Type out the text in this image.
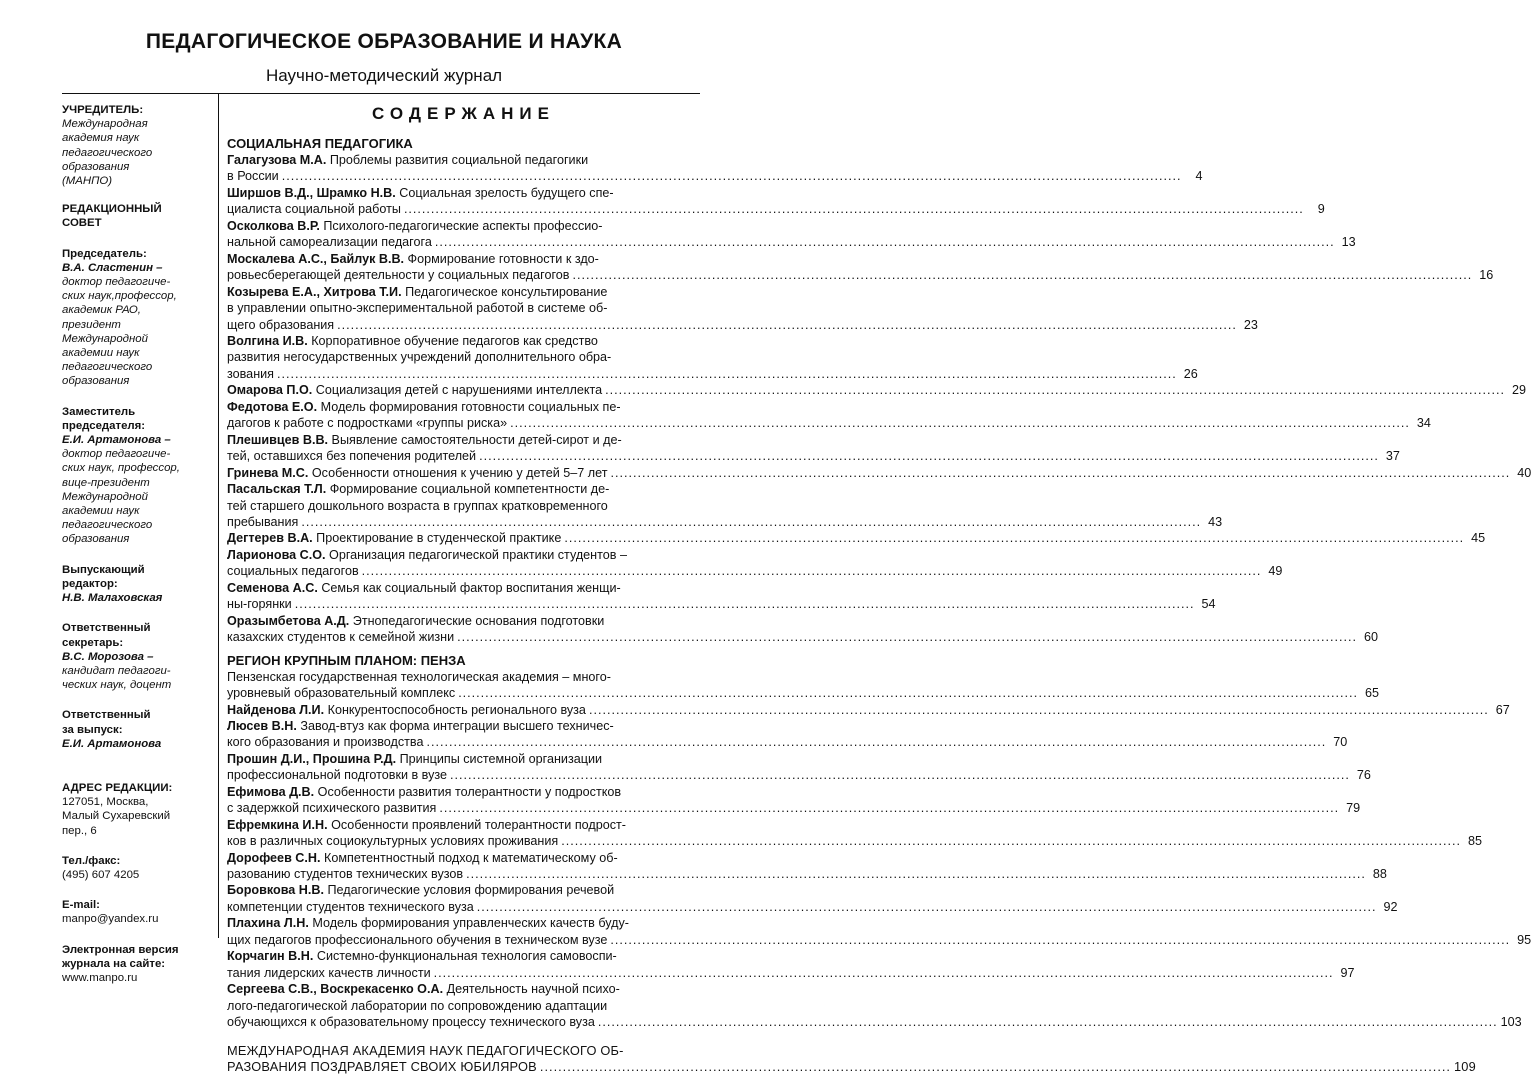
ПЕДАГОГИЧЕСКОЕ ОБРАЗОВАНИЕ И НАУКА
Научно-методический журнал
УЧРЕДИТЕЛЬ:
Международная
академия наук
педагогического
образования
(МАНПО)
РЕДАКЦИОННЫЙ
СОВЕТ
Председатель:
В.А. Сластенин –
доктор педагогиче-
ских наук,профессор,
академик РАО,
президент
Международной
академии наук
педагогического
образования
Заместитель
председателя:
Е.И. Артамонова –
доктор педагогиче-
ских наук, профессор,
вице-президент
Международной
академии наук
педагогического
образования
Выпускающий
редактор:
Н.В. Малаховская
Ответственный
секретарь:
В.С. Морозова –
кандидат педагоги-
ческих наук, доцент
Ответственный
за выпуск:
Е.И. Артамонова
АДРЕС РЕДАКЦИИ:
127051, Москва,
Малый Сухаревский
пер., 6
Тел./факс:
(495) 607 4205
E-mail:
manpo@yandex.ru
Электронная версия
журнала на сайте:
www.manpo.ru
СОДЕРЖАНИЕ
СОЦИАЛЬНАЯ ПЕДАГОГИКА
Галагузова М.А. Проблемы развития социальной педагогики
в России ........................................................................................................................................................................................................	4
Ширшов В.Д., Шрамко Н.В. Социальная зрелость будущего спе-
циалиста социальной работы ........................................................................................................................................................................................................	9
Осколкова В.Р. Психолого-педагогические аспекты профессио-
нальной самореализации педагога ........................................................................................................................................................................................................ 13
Москалева А.С., Байлук В.В. Формирование готовности к здо-
ровьесберегающей деятельности у социальных педагогов ........................................................................................................................................................................................................ 16
Козырева Е.А., Хитрова Т.И. Педагогическое консультирование
в управлении опытно-экспериментальной работой в системе об-
щего образования ........................................................................................................................................................................................................ 23
Волгина И.В. Корпоративное обучение педагогов как средство
развития негосударственных учреждений дополнительного обра-
зования ........................................................................................................................................................................................................ 26
Омарова П.О. Социализация детей с нарушениями интеллекта ........................................................................................................................................................................................................ 29
Федотова Е.О. Модель формирования готовности социальных пе-
дагогов к работе с подростками «группы риска» ........................................................................................................................................................................................................ 34
Плешивцев В.В. Выявление самостоятельности детей-сирот и де-
тей, оставшихся без попечения родителей ........................................................................................................................................................................................................ 37
Гринева М.С. Особенности отношения к учению у детей 5–7 лет ........................................................................................................................................................................................................ 40
Пасальская Т.Л. Формирование социальной компетентности де-
тей старшего дошкольного возраста в группах кратковременного
пребывания ........................................................................................................................................................................................................ 43
Дегтерев В.А. Проектирование в студенческой практике ........................................................................................................................................................................................................ 45
Ларионова С.О. Организация педагогической практики студентов –
социальных педагогов ........................................................................................................................................................................................................ 49
Семенова А.С. Семья как социальный фактор воспитания женщи-
ны-горянки ........................................................................................................................................................................................................ 54
Оразымбетова А.Д. Этнопедагогические основания подготовки
казахских студентов к семейной жизни ........................................................................................................................................................................................................ 60
РЕГИОН КРУПНЫМ ПЛАНОМ: ПЕНЗА
Пензенская государственная технологическая академия – много-
уровневый образовательный комплекс ........................................................................................................................................................................................................ 65
Найденова Л.И. Конкурентоспособность регионального вуза ........................................................................................................................................................................................................ 67
Люсев В.Н. Завод-втуз как форма интеграции высшего техничес-
кого образования и производства ........................................................................................................................................................................................................ 70
Прошин Д.И., Прошина Р.Д. Принципы системной организации
профессиональной подготовки в вузе ........................................................................................................................................................................................................ 76
Ефимова Д.В. Особенности развития толерантности у подростков
с задержкой психического развития ........................................................................................................................................................................................................ 79
Ефремкина И.Н. Особенности проявлений толерантности подрост-
ков в различных социокультурных условиях проживания ........................................................................................................................................................................................................ 85
Дорофеев С.Н. Компетентностный подход к математическому об-
разованию студентов технических вузов ........................................................................................................................................................................................................ 88
Боровкова Н.В. Педагогические условия формирования речевой
компетенции студентов технического вуза ........................................................................................................................................................................................................ 92
Плахина Л.Н. Модель формирования управленческих качеств буду-
щих педагогов профессионального обучения в техническом вузе ........................................................................................................................................................................................................ 95
Корчагин В.Н. Системно-функциональная технология самовоспи-
тания лидерских качеств личности ........................................................................................................................................................................................................ 97
Сергеева С.В., Воскрекасенко О.А. Деятельность научной психо-
лого-педагогической лаборатории по сопровождению адаптации
обучающихся к образовательному процессу технического вуза ........................................................................................................................................................................................................ 103
МЕЖДУНАРОДНАЯ АКАДЕМИЯ НАУК ПЕДАГОГИЧЕСКОГО ОБ-
РАЗОВАНИЯ ПОЗДРАВЛЯЕТ СВОИХ ЮБИЛЯРОВ ........................................................................................................................................................................................................ 109
